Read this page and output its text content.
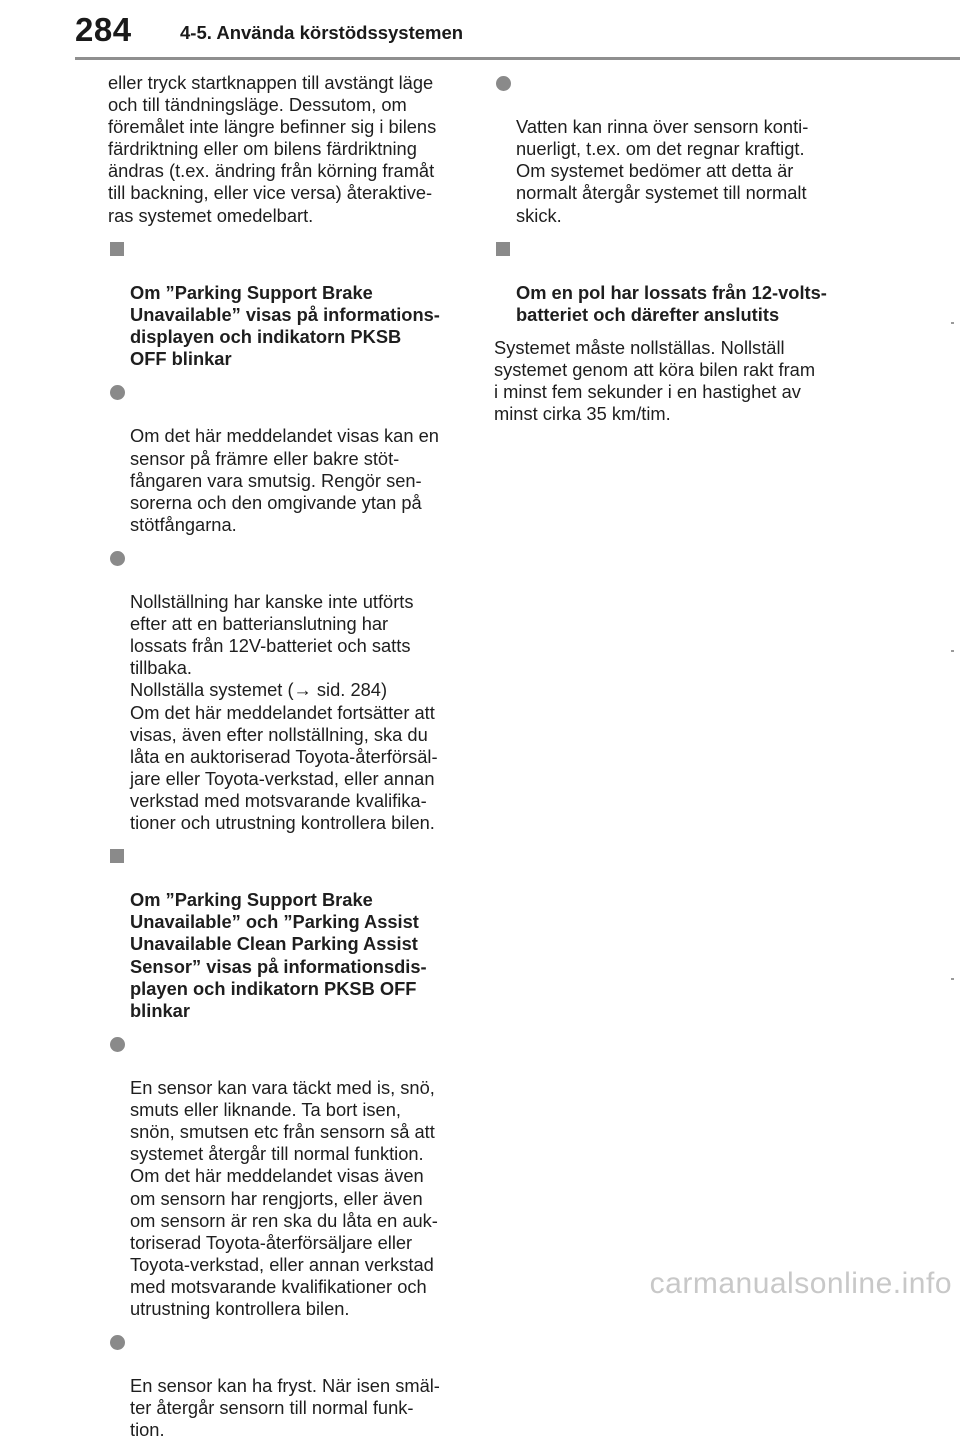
284	4-5. Använda körstödssystemen

eller tryck startknappen till avstängt läge
och till tändningsläge. Dessutom, om
föremålet inte längre befinner sig i bilens
färdriktning eller om bilens färdriktning
ändras (t.ex. ändring från körning framåt
till backning, eller vice versa) återaktive-
ras systemet omedelbart.

Om ”Parking Support Brake
Unavailable” visas på informations-
displayen och indikatorn PKSB
OFF blinkar

Om det här meddelandet visas kan en
sensor på främre eller bakre stöt-
fångaren vara smutsig. Rengör sen-
sorerna och den omgivande ytan på
stötfångarna.

Nollställning har kanske inte utförts
efter att en batterianslutning har
lossats från 12V-batteriet och satts
tillbaka.
Nollställa systemet (→ sid. 284)
Om det här meddelandet fortsätter att
visas, även efter nollställning, ska du
låta en auktoriserad Toyota-återförsäl-
jare eller Toyota-verkstad, eller annan
verkstad med motsvarande kvalifika-
tioner och utrustning kontrollera bilen.

Om ”Parking Support Brake
Unavailable” och ”Parking Assist
Unavailable Clean Parking Assist
Sensor” visas på informationsdis-
playen och indikatorn PKSB OFF
blinkar

En sensor kan vara täckt med is, snö,
smuts eller liknande. Ta bort isen,
snön, smutsen etc från sensorn så att
systemet återgår till normal funktion.
Om det här meddelandet visas även
om sensorn har rengjorts, eller även
om sensorn är ren ska du låta en auk-
toriserad Toyota-återförsäljare eller
Toyota-verkstad, eller annan verkstad
med motsvarande kvalifikationer och
utrustning kontrollera bilen.

En sensor kan ha fryst. När isen smäl-
ter återgår sensorn till normal funk-
tion.

Vatten kan rinna över sensorn konti-
nuerligt, t.ex. om det regnar kraftigt.
Om systemet bedömer att detta är
normalt återgår systemet till normalt
skick.

Om en pol har lossats från 12-volts-
batteriet och därefter anslutits

Systemet måste nollställas. Nollställ
systemet genom att köra bilen rakt fram
i minst fem sekunder i en hastighet av
minst cirka 35 km/tim.

carmanualsonline.info
